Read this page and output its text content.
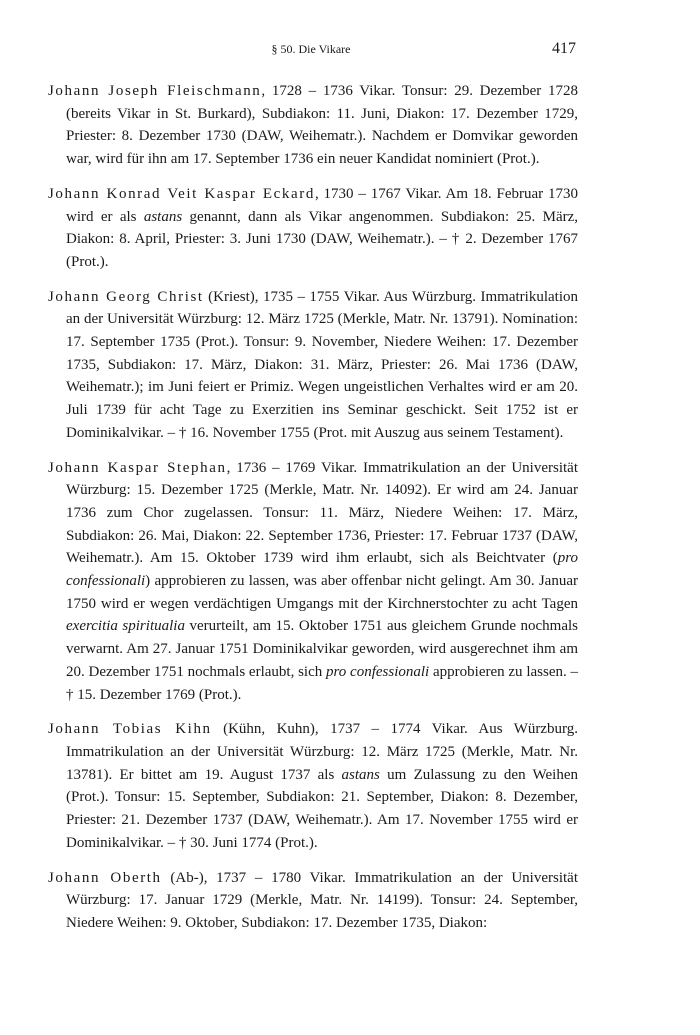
§ 50. Die Vikare	417

Johann Joseph Fleischmann, 1728 – 1736 Vikar. Tonsur: 29. Dezember 1728 (bereits Vikar in St. Burkard), Subdiakon: 11. Juni, Diakon: 17. Dezember 1729, Priester: 8. Dezember 1730 (DAW, Weihematr.). Nachdem er Domvikar geworden war, wird für ihn am 17. September 1736 ein neuer Kandidat nominiert (Prot.).

Johann Konrad Veit Kaspar Eckard, 1730 – 1767 Vikar. Am 18. Februar 1730 wird er als astans genannt, dann als Vikar angenommen. Subdiakon: 25. März, Diakon: 8. April, Priester: 3. Juni 1730 (DAW, Weihematr.). – † 2. Dezember 1767 (Prot.).

Johann Georg Christ (Kriest), 1735 – 1755 Vikar. Aus Würzburg. Immatrikulation an der Universität Würzburg: 12. März 1725 (Merkle, Matr. Nr. 13791). Nomination: 17. September 1735 (Prot.). Tonsur: 9. November, Niedere Weihen: 17. Dezember 1735, Subdiakon: 17. März, Diakon: 31. März, Priester: 26. Mai 1736 (DAW, Weihematr.); im Juni feiert er Primiz. Wegen ungeistlichen Verhaltes wird er am 20. Juli 1739 für acht Tage zu Exerzitien ins Seminar geschickt. Seit 1752 ist er Dominikalvikar. – † 16. November 1755 (Prot. mit Auszug aus seinem Testament).

Johann Kaspar Stephan, 1736 – 1769 Vikar. Immatrikulation an der Universität Würzburg: 15. Dezember 1725 (Merkle, Matr. Nr. 14092). Er wird am 24. Januar 1736 zum Chor zugelassen. Tonsur: 11. März, Niedere Weihen: 17. März, Subdiakon: 26. Mai, Diakon: 22. September 1736, Priester: 17. Februar 1737 (DAW, Weihematr.). Am 15. Oktober 1739 wird ihm erlaubt, sich als Beichtvater (pro confessionali) approbieren zu lassen, was aber offenbar nicht gelingt. Am 30. Januar 1750 wird er wegen verdächtigen Umgangs mit der Kirchnerstochter zu acht Tagen exercitia spiritualia verurteilt, am 15. Oktober 1751 aus gleichem Grunde nochmals verwarnt. Am 27. Januar 1751 Dominikalvikar geworden, wird ausgerechnet ihm am 20. Dezember 1751 nochmals erlaubt, sich pro confessionali approbieren zu lassen. – † 15. Dezember 1769 (Prot.).

Johann Tobias Kihn (Kühn, Kuhn), 1737 – 1774 Vikar. Aus Würzburg. Immatrikulation an der Universität Würzburg: 12. März 1725 (Merkle, Matr. Nr. 13781). Er bittet am 19. August 1737 als astans um Zulassung zu den Weihen (Prot.). Tonsur: 15. September, Subdiakon: 21. September, Diakon: 8. Dezember, Priester: 21. Dezember 1737 (DAW, Weihematr.). Am 17. November 1755 wird er Dominikalvikar. – † 30. Juni 1774 (Prot.).

Johann Oberth (Ab-), 1737 – 1780 Vikar. Immatrikulation an der Universität Würzburg: 17. Januar 1729 (Merkle, Matr. Nr. 14199). Tonsur: 24. September, Niedere Weihen: 9. Oktober, Subdiakon: 17. Dezember 1735, Diakon:
